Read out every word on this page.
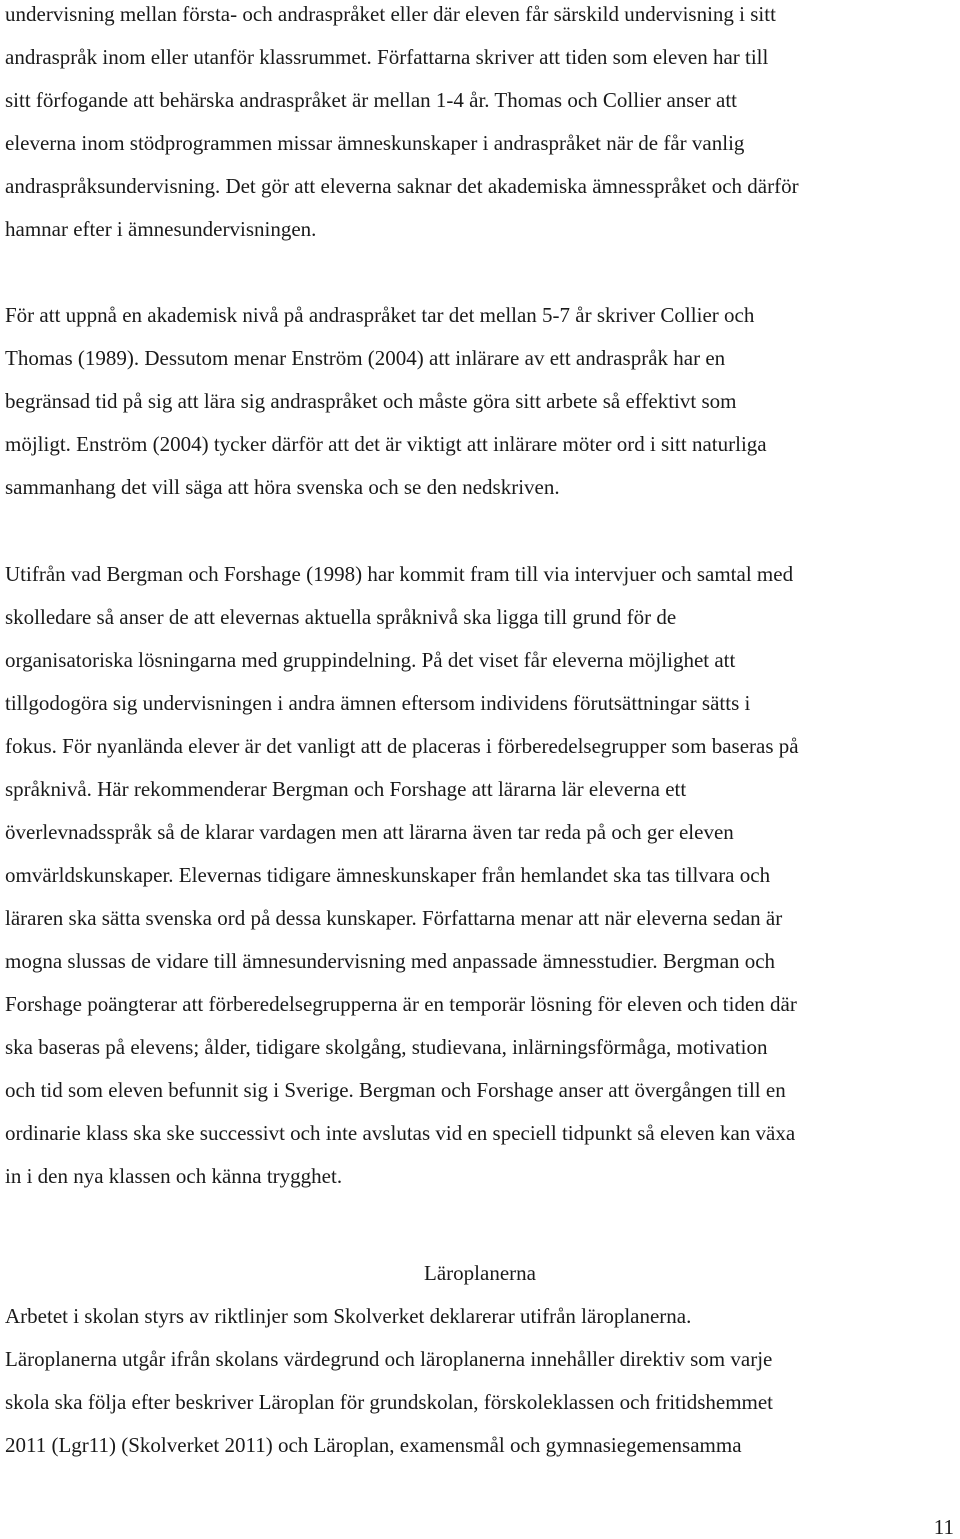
undervisning mellan första- och andraspråket eller där eleven får särskild undervisning i sitt
andraspråk inom eller utanför klassrummet. Författarna skriver att tiden som eleven har till
sitt förfogande att behärska andraspråket är mellan 1-4 år. Thomas och Collier anser att
eleverna inom stödprogrammen missar ämneskunskaper i andraspråket när de får vanlig
andraspråksundervisning. Det gör att eleverna saknar det akademiska ämnesspråket och därför
hamnar efter i ämnesundervisningen.
För att uppnå en akademisk nivå på andraspråket tar det mellan 5-7 år skriver Collier och
Thomas (1989). Dessutom menar Enström (2004) att inlärare av ett andraspråk har en
begränsad tid på sig att lära sig andraspråket och måste göra sitt arbete så effektivt som
möjligt. Enström (2004) tycker därför att det är viktigt att inlärare möter ord i sitt naturliga
sammanhang det vill säga att höra svenska och se den nedskriven.
Utifrån vad Bergman och Forshage (1998) har kommit fram till via intervjuer och samtal med
skolledare så anser de att elevernas aktuella språknivå ska ligga till grund för de
organisatoriska lösningarna med gruppindelning. På det viset får eleverna möjlighet att
tillgodogöra sig undervisningen i andra ämnen eftersom individens förutsättningar sätts i
fokus. För nyanlända elever är det vanligt att de placeras i förberedelsegrupper som baseras på
språknivå. Här rekommenderar Bergman och Forshage att lärarna lär eleverna ett
överlevnadsspråk så de klarar vardagen men att lärarna även tar reda på och ger eleven
omvärldskunskaper. Elevernas tidigare ämneskunskaper från hemlandet ska tas tillvara och
läraren ska sätta svenska ord på dessa kunskaper. Författarna menar att när eleverna sedan är
mogna slussas de vidare till ämnesundervisning med anpassade ämnesstudier. Bergman och
Forshage poängterar att förberedelsegrupperna är en temporär lösning för eleven och tiden där
ska baseras på elevens; ålder, tidigare skolgång, studievana, inlärningsförmåga, motivation
och tid som eleven befunnit sig i Sverige. Bergman och Forshage anser att övergången till en
ordinarie klass ska ske successivt och inte avslutas vid en speciell tidpunkt så eleven kan växa
in i den nya klassen och känna trygghet.
Läroplanerna
Arbetet i skolan styrs av riktlinjer som Skolverket deklarerar utifrån läroplanerna.
Läroplanerna utgår ifrån skolans värdegrund och läroplanerna innehåller direktiv som varje
skola ska följa efter beskriver Läroplan för grundskolan, förskoleklassen och fritidshemmet
2011 (Lgr11) (Skolverket 2011) och Läroplan, examensmål och gymnasiegemensamma
11
